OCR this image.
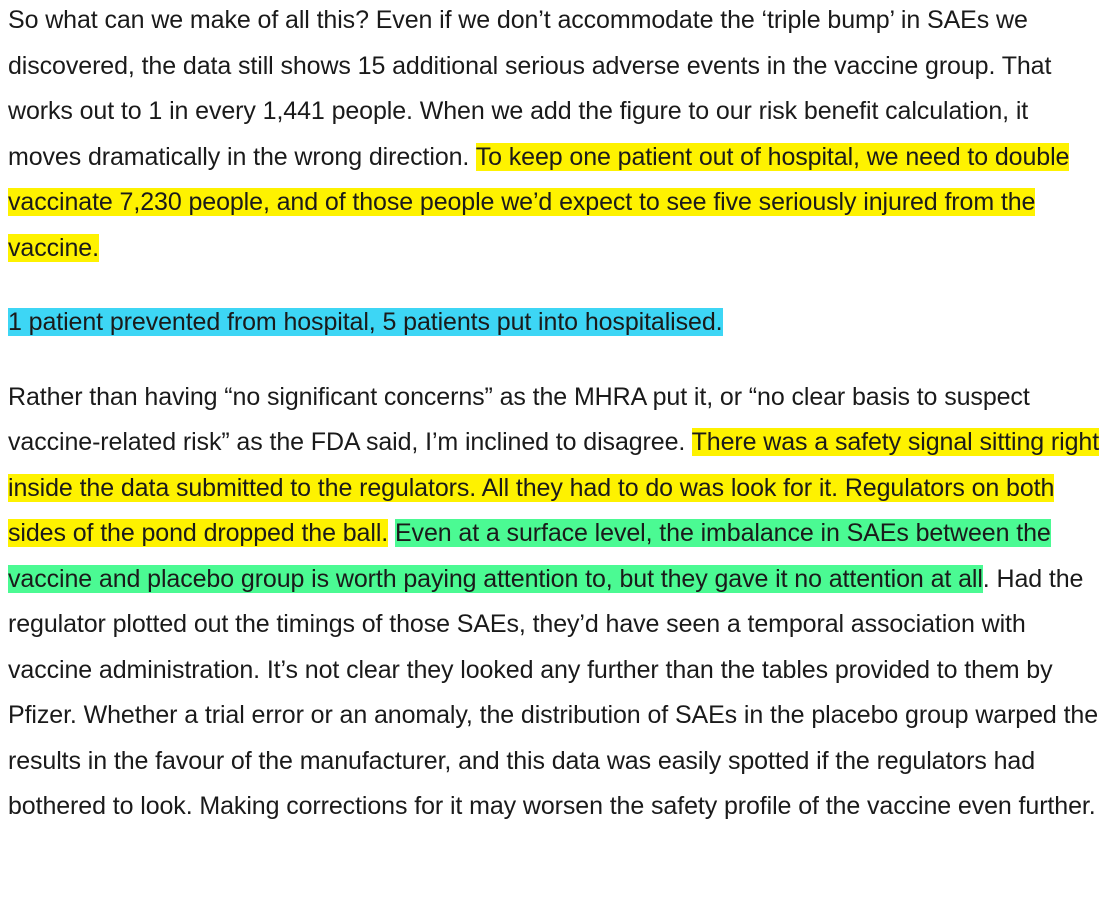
So what can we make of all this? Even if we don’t accommodate the ‘triple bump’ in SAEs we discovered, the data still shows 15 additional serious adverse events in the vaccine group. That works out to 1 in every 1,441 people. When we add the figure to our risk benefit calculation, it moves dramatically in the wrong direction. To keep one patient out of hospital, we need to double vaccinate 7,230 people, and of those people we’d expect to see five seriously injured from the vaccine.

1 patient prevented from hospital, 5 patients put into hospitalised.

Rather than having “no significant concerns” as the MHRA put it, or “no clear basis to suspect vaccine-related risk” as the FDA said, I’m inclined to disagree. There was a safety signal sitting right inside the data submitted to the regulators. All they had to do was look for it. Regulators on both sides of the pond dropped the ball. Even at a surface level, the imbalance in SAEs between the vaccine and placebo group is worth paying attention to, but they gave it no attention at all. Had the regulator plotted out the timings of those SAEs, they’d have seen a temporal association with vaccine administration. It’s not clear they looked any further than the tables provided to them by Pfizer. Whether a trial error or an anomaly, the distribution of SAEs in the placebo group warped the results in the favour of the manufacturer, and this data was easily spotted if the regulators had bothered to look. Making corrections for it may worsen the safety profile of the vaccine even further.
